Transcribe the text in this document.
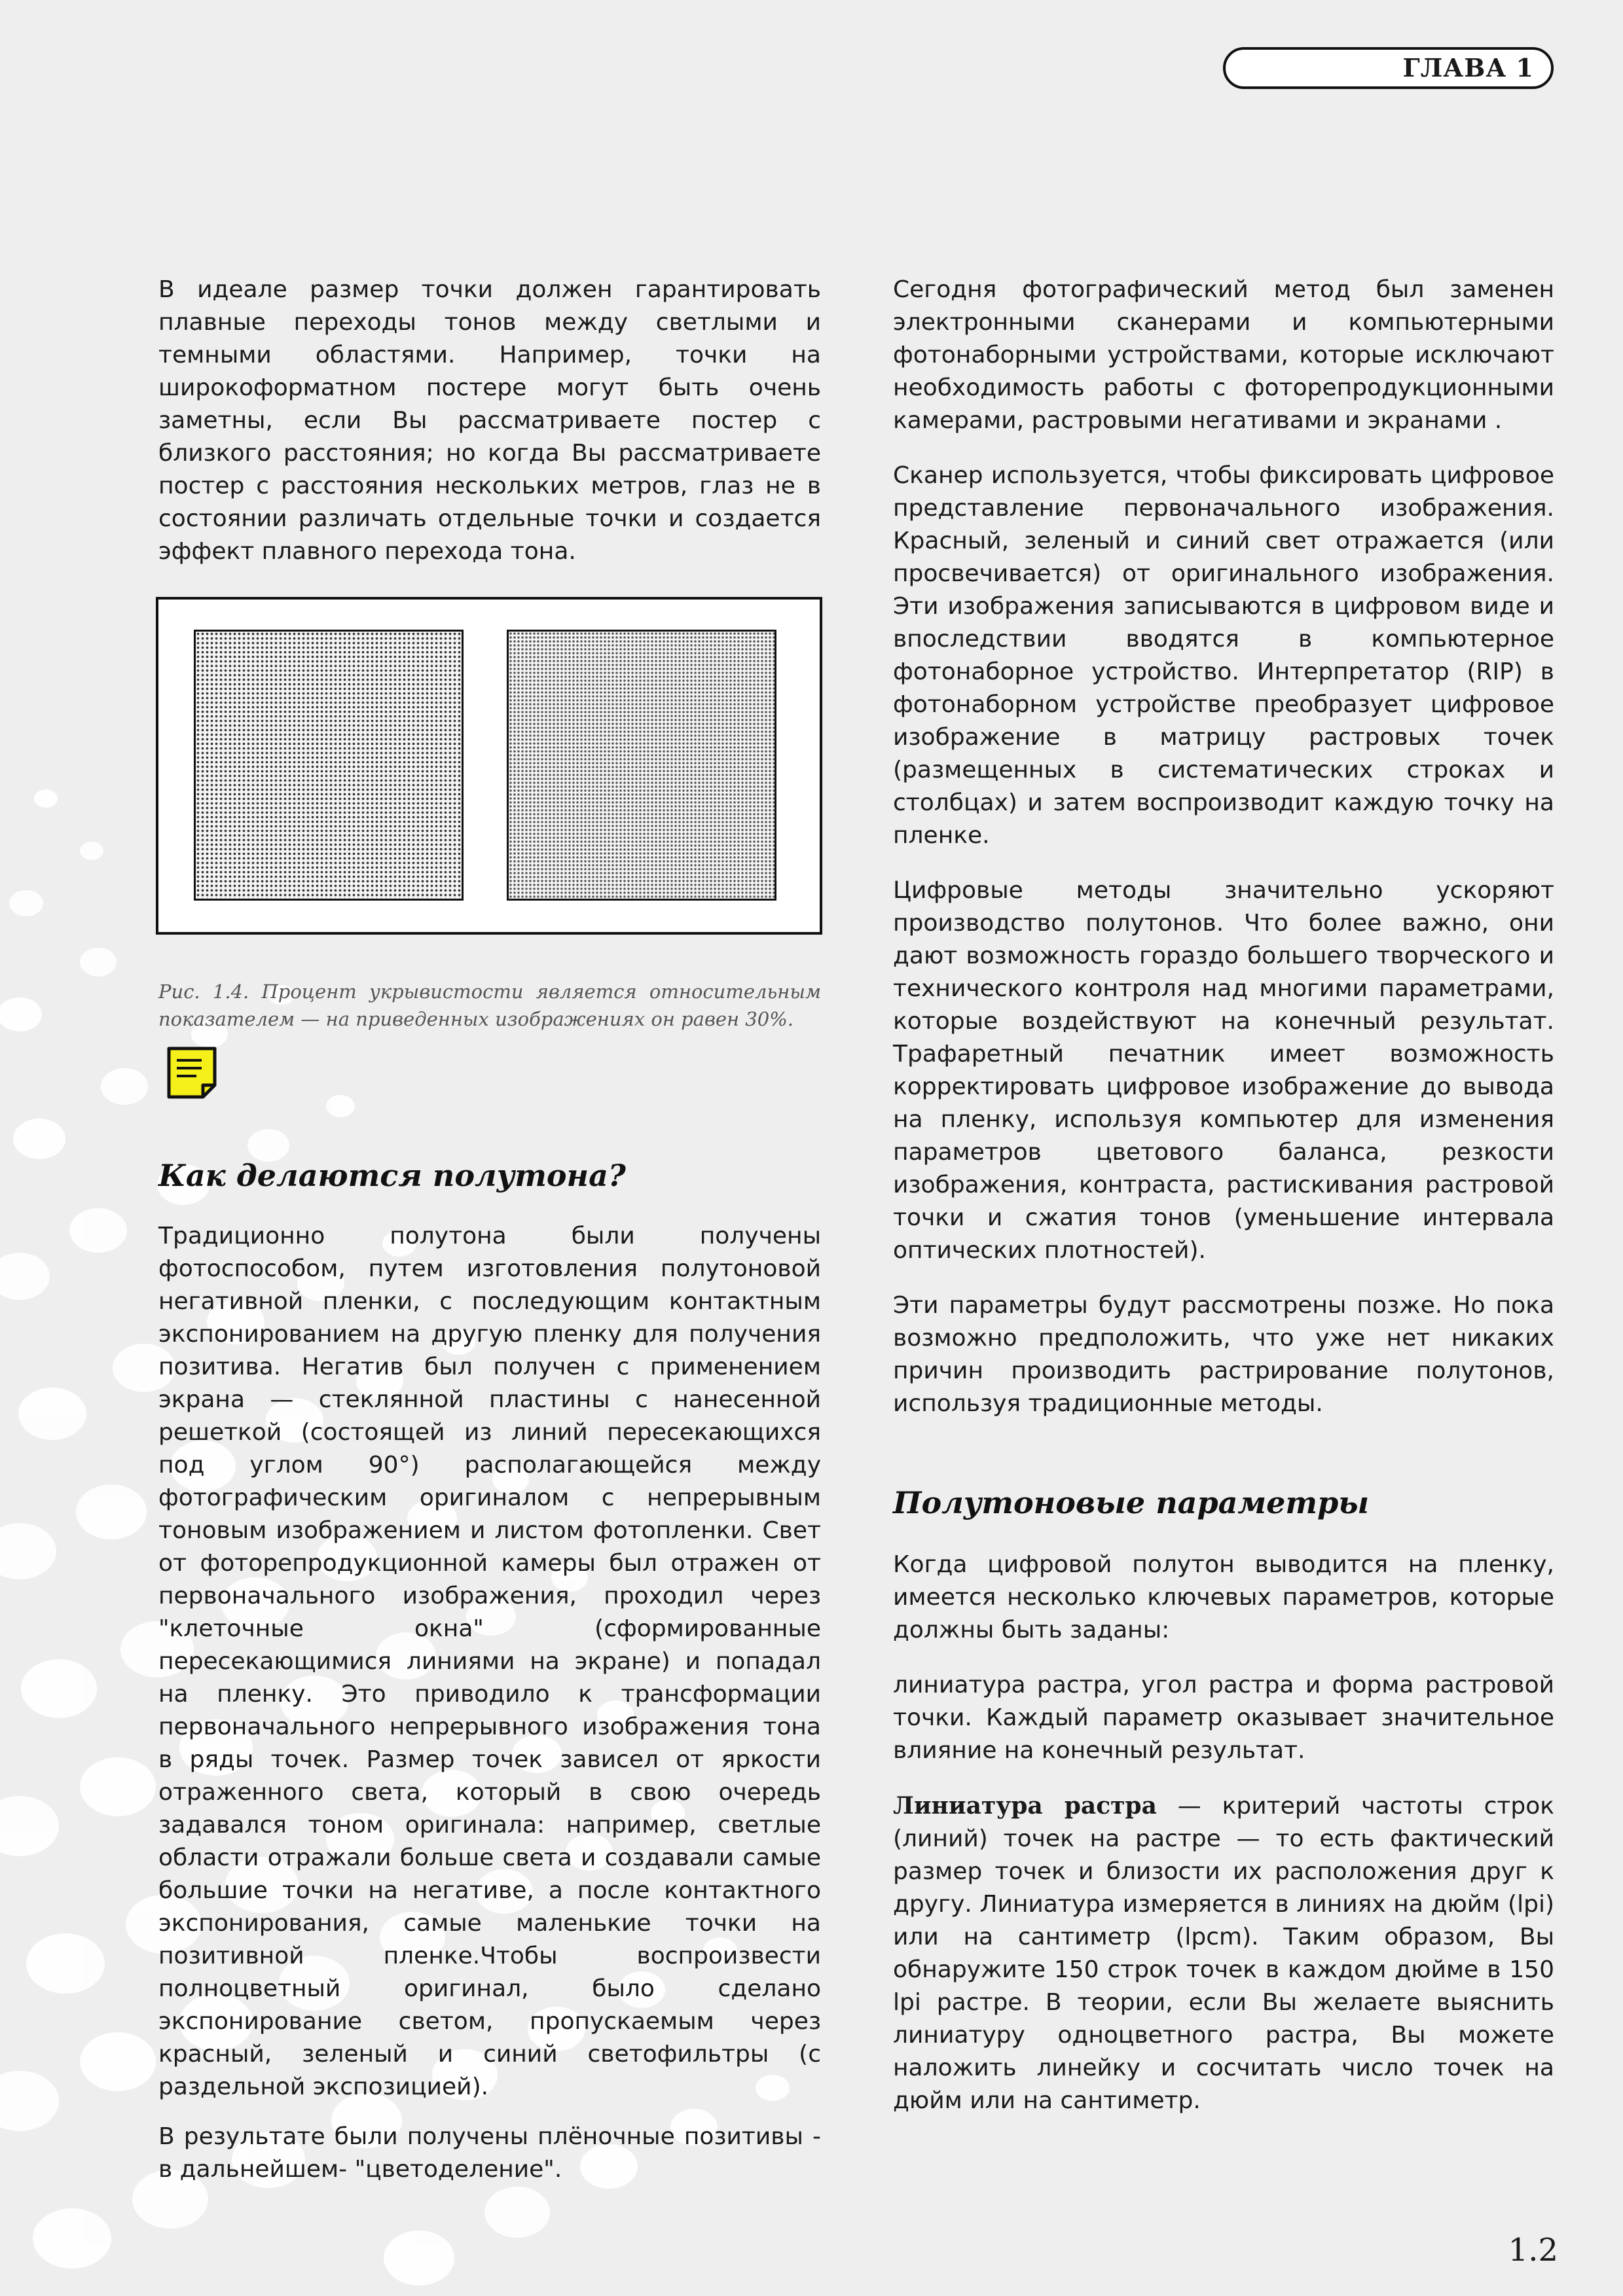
ГЛАВА 1

В идеале размер точки должен гарантировать плавные переходы тонов между светлыми и темными областями. Например, точки на широкоформатном постере могут быть очень заметны, если Вы рассматриваете постер с близкого расстояния; но когда Вы рассматриваете постер с расстояния нескольких метров, глаз не в состоянии различать отдельные точки и создается эффект плавного перехода тона.

Рис. 1.4. Процент укрывистости является относительным показателем — на приведенных изображениях он равен 30%.
Как делаются полутона?

Традиционно полутона были получены фотоспособом, путем изготовления полутоновой негативной пленки, с последующим контактным экспонированием на другую пленку для получения позитива. Негатив был получен с применением экрана — стеклянной пластины с нанесенной решеткой (состоящей из линий пересекающихся под углом 90°) располагающейся между фотографическим оригиналом с непрерывным тоновым изображением и листом фотопленки. Свет от фоторепродукционной камеры был отражен от первоначального изображения, проходил через "клеточные окна" (сформированные пересекающимися линиями на экране) и попадал на пленку. Это приводило к трансформации первоначального непрерывного изображения тона в ряды точек. Размер точек зависел от яркости отраженного света, который в свою очередь задавался тоном оригинала: например, светлые области отражали больше света и создавали самые большие точки на негативе, а после контактного экспонирования, самые маленькие точки на позитивной пленке.Чтобы воспроизвести полноцветный оригинал, было сделано экспонирование светом, пропускаемым через красный, зеленый и синий светофильтры (с раздельной экспозицией).

В результате были получены плёночные позитивы - в дальнейшем- "цветоделение".

Сегодня фотографический метод был заменен электронными сканерами и компьютерными фотонаборными устройствами, которые исключают необходимость работы с фоторепродукционными камерами, растровыми негативами и экранами .

Сканер используется, чтобы фиксировать цифровое представление первоначального изображения. Красный, зеленый и синий свет отражается (или просвечивается) от оригинального изображения. Эти изображения записываются в цифровом виде и впоследствии вводятся в компьютерное фотонаборное устройство. Интерпретатор (RIP) в фотонаборном устройстве преобразует цифровое изображение в матрицу растровых точек (размещенных в систематических строках и столбцах) и затем воспроизводит каждую точку на пленке.

Цифровые методы значительно ускоряют производство полутонов. Что более важно, они дают возможность гораздо большего творческого и технического контроля над многими параметрами, которые воздействуют на конечный результат. Трафаретный печатник имеет возможность корректировать цифровое изображение до вывода на пленку, используя компьютер для изменения параметров цветового баланса, резкости изображения, контраста, растискивания растровой точки и сжатия тонов (уменьшение интервала оптических плотностей).

Эти параметры будут рассмотрены позже. Но пока возможно предположить, что уже нет никаких причин производить растрирование полутонов, используя традиционные методы.

Полутоновые параметры

Когда цифровой полутон выводится на пленку, имеется несколько ключевых параметров, которые должны быть заданы:

линиатура растра, угол растра и форма растровой точки. Каждый параметр оказывает значительное влияние на конечный результат.

Линиатура растра — критерий частоты строк (линий) точек на растре — то есть фактический размер точек и близости их расположения друг к другу. Линиатура измеряется в линиях на дюйм (lpi) или на сантиметр (lpcm). Таким образом, Вы обнаружите 150 строк точек в каждом дюйме в 150 lpi растре. В теории, если Вы желаете выяснить линиатуру одноцветного растра, Вы можете наложить линейку и сосчитать число точек на дюйм или на сантиметр.

1.2
